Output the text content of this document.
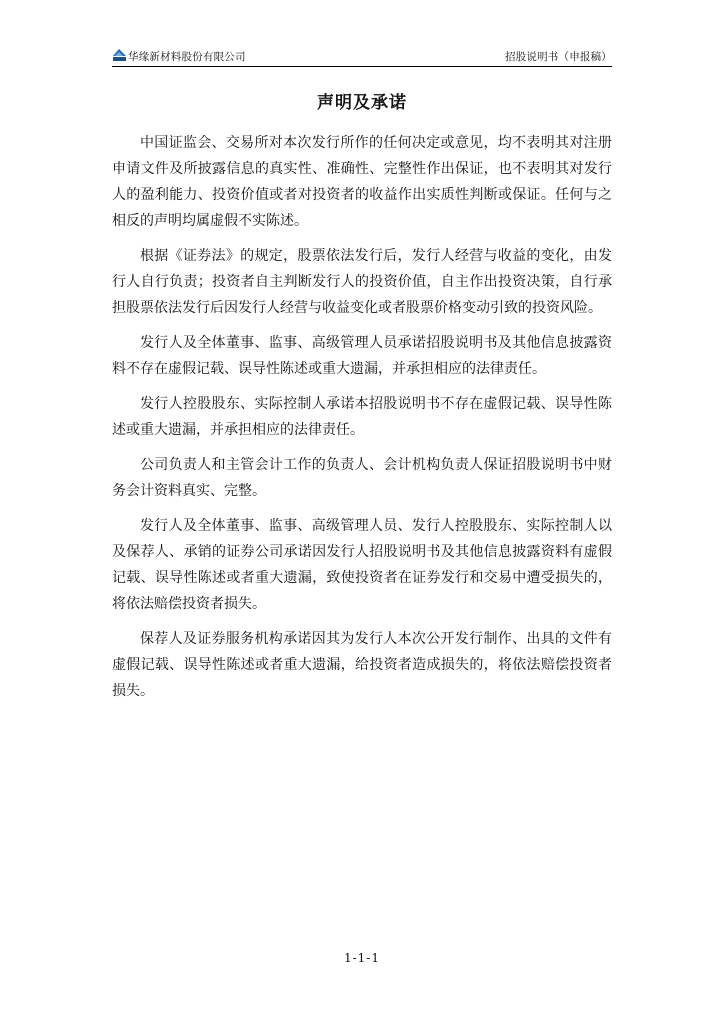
华缘新材料股份有限公司	招股说明书（申报稿）
声明及承诺

中国证监会、交易所对本次发行所作的任何决定或意见，均不表明其对注册申请文件及所披露信息的真实性、准确性、完整性作出保证，也不表明其对发行人的盈利能力、投资价值或者对投资者的收益作出实质性判断或保证。任何与之相反的声明均属虚假不实陈述。

根据《证券法》的规定，股票依法发行后，发行人经营与收益的变化，由发行人自行负责；投资者自主判断发行人的投资价值，自主作出投资决策，自行承担股票依法发行后因发行人经营与收益变化或者股票价格变动引致的投资风险。

发行人及全体董事、监事、高级管理人员承诺招股说明书及其他信息披露资料不存在虚假记载、误导性陈述或重大遗漏，并承担相应的法律责任。

发行人控股股东、实际控制人承诺本招股说明书不存在虚假记载、误导性陈述或重大遗漏，并承担相应的法律责任。

公司负责人和主管会计工作的负责人、会计机构负责人保证招股说明书中财务会计资料真实、完整。

发行人及全体董事、监事、高级管理人员、发行人控股股东、实际控制人以及保荐人、承销的证券公司承诺因发行人招股说明书及其他信息披露资料有虚假记载、误导性陈述或者重大遗漏，致使投资者在证券发行和交易中遭受损失的，将依法赔偿投资者损失。

保荐人及证券服务机构承诺因其为发行人本次公开发行制作、出具的文件有虚假记载、误导性陈述或者重大遗漏，给投资者造成损失的，将依法赔偿投资者损失。

1-1-1
